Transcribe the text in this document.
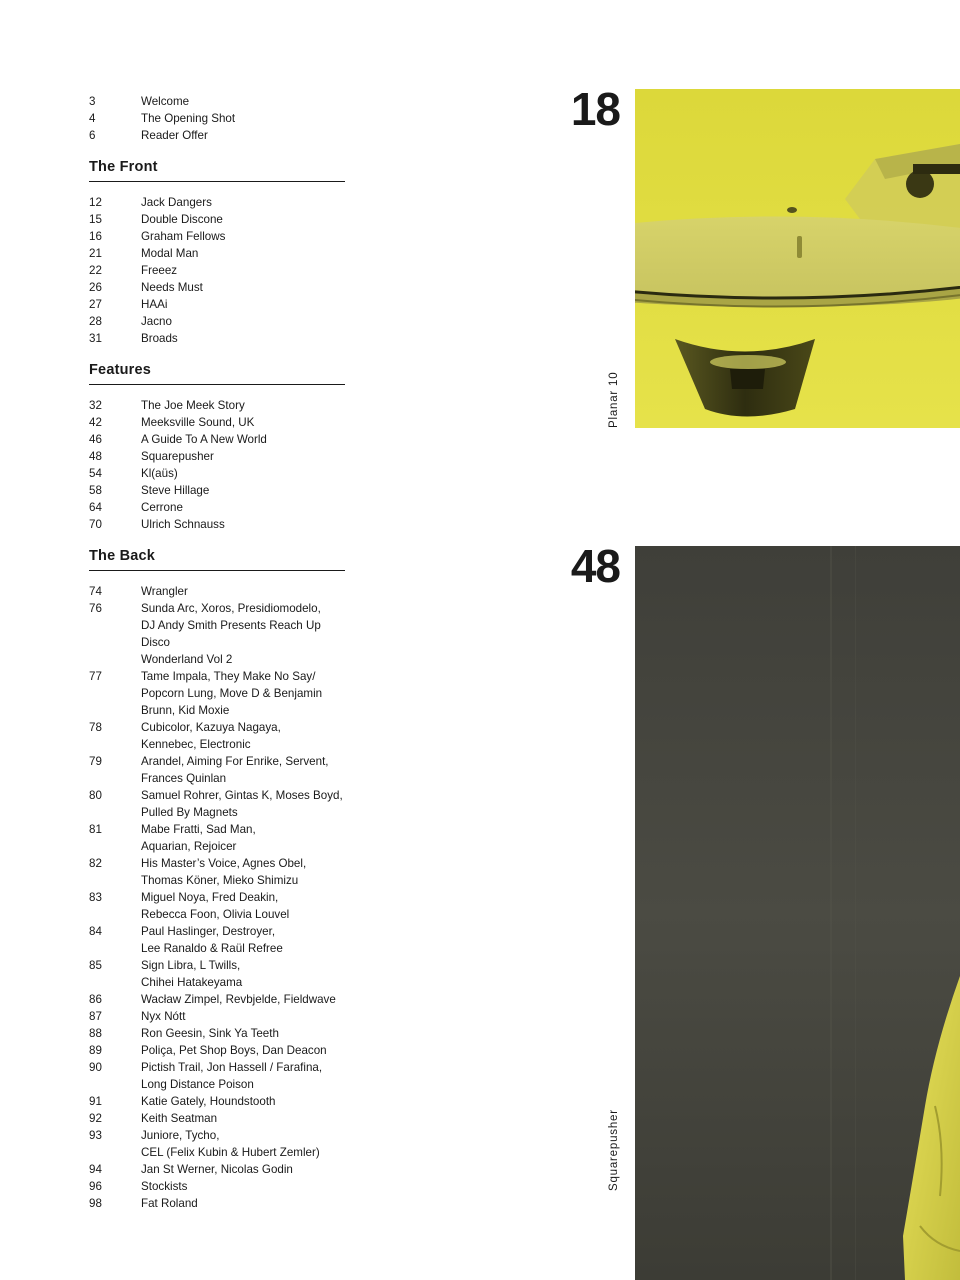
3	Welcome
4	The Opening Shot
6	Reader Offer
The Front
12	Jack Dangers
15	Double Discone
16	Graham Fellows
21	Modal Man
22	Freeez
26	Needs Must
27	HAAi
28	Jacno
31	Broads
Features
32	The Joe Meek Story
42	Meeksville Sound, UK
46	A Guide To A New World
48	Squarepusher
54	Kl(aüs)
58	Steve Hillage
64	Cerrone
70	Ulrich Schnauss
The Back
74	Wrangler
76	Sunda Arc, Xoros, Presidiomodelo,
DJ Andy Smith Presents Reach Up Disco
Wonderland Vol 2
77	Tame Impala, They Make No Say/
Popcorn Lung, Move D & Benjamin
Brunn, Kid Moxie
78	Cubicolor, Kazuya Nagaya,
Kennebec, Electronic
79	Arandel, Aiming For Enrike, Servent,
Frances Quinlan
80	Samuel Rohrer, Gintas K, Moses Boyd,
Pulled By Magnets
81	Mabe Fratti, Sad Man,
Aquarian, Rejoicer
82	His Master’s Voice, Agnes Obel,
Thomas Köner, Mieko Shimizu
83	Miguel Noya, Fred Deakin,
Rebecca Foon, Olivia Louvel
84	Paul Haslinger, Destroyer,
Lee Ranaldo & Raül Refree
85	Sign Libra, L Twills,
Chihei Hatakeyama
86	Wacław Zimpel, Revbjelde, Fieldwave
87	Nyx Nótt
88	Ron Geesin, Sink Ya Teeth
89	Poliça, Pet Shop Boys, Dan Deacon
90	Pictish Trail, Jon Hassell / Farafina,
Long Distance Poison
91	Katie Gately, Houndstooth
92	Keith Seatman
93	Juniore, Tycho,
CEL (Felix Kubin & Hubert Zemler)
94	Jan St Werner, Nicolas Godin
96	Stockists
98	Fat Roland
18
Planar 10
48
Squarepusher
